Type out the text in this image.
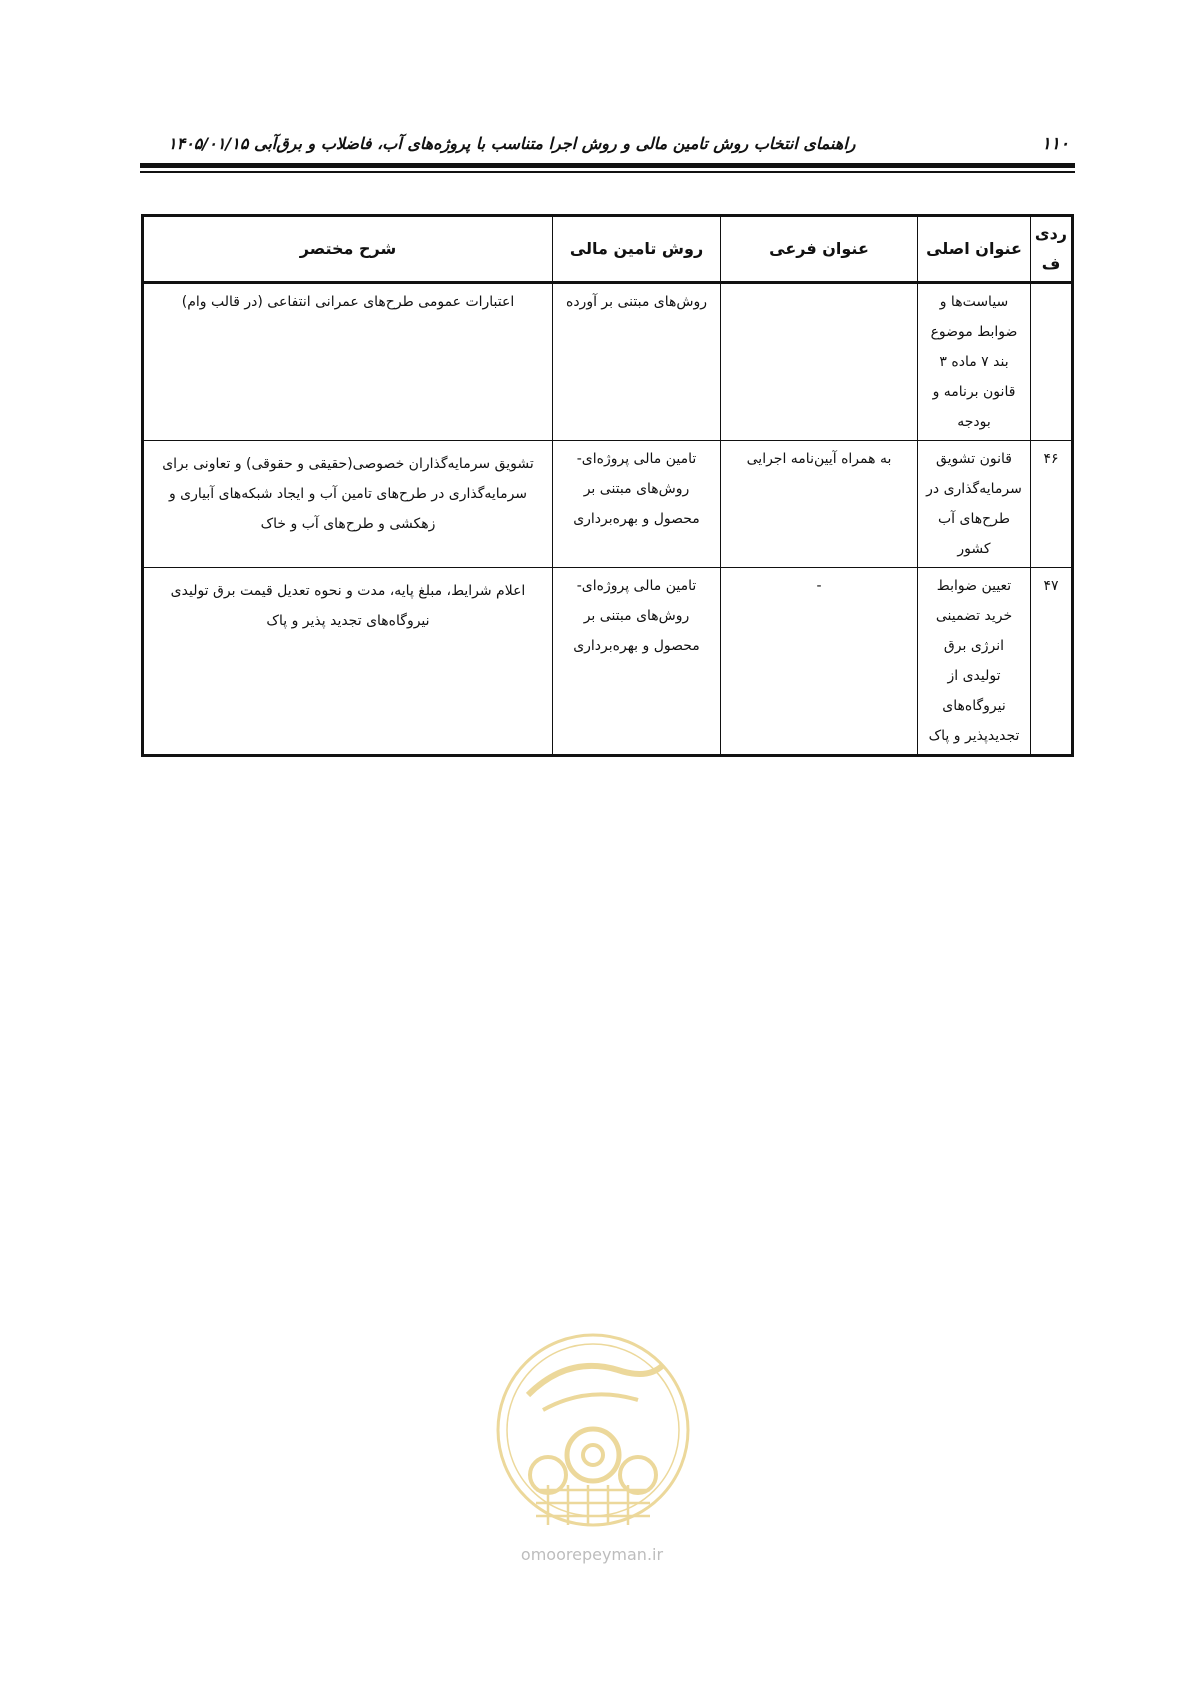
۱۱۰
راهنمای انتخاب روش تامین مالی و روش اجرا متناسب با پروژه‌های آب، فاضلاب و برق‌آبی ۱۴۰۵/۰۱/۱۵
ردی ف	عنوان اصلی	عنوان فرعی	روش تامین مالی	شرح مختصر
	سیاست‌ها و ضوابط موضوع بند ۷ ماده ۳ قانون برنامه و بودجه		روش‌های مبتنی بر آورده	اعتبارات عمومی طرح‌های عمرانی انتفاعی (در قالب وام)
۴۶	قانون تشویق سرمایه‌گذاری در طرح‌های آب کشور	به همراه آیین‌نامه اجرایی	تامین مالی پروژه‌ای- روش‌های مبتنی بر محصول و بهره‌برداری	تشویق سرمایه‌گذاران خصوصی(حقیقی و حقوقی) و تعاونی برای سرمایه‌گذاری در طرح‌های تامین آب و ایجاد شبکه‌های آبیاری و زهکشی و طرح‌های آب و خاک
۴۷	تعیین ضوابط خرید تضمینی انرژی برق تولیدی از نیروگاه‌های تجدیدپذیر و پاک	-	تامین مالی پروژه‌ای- روش‌های مبتنی بر محصول و بهره‌برداری	اعلام شرایط، مبلغ پایه، مدت و نحوه تعدیل قیمت برق تولیدی نیروگاه‌های تجدید پذیر و پاک
omoorepeyman.ir
